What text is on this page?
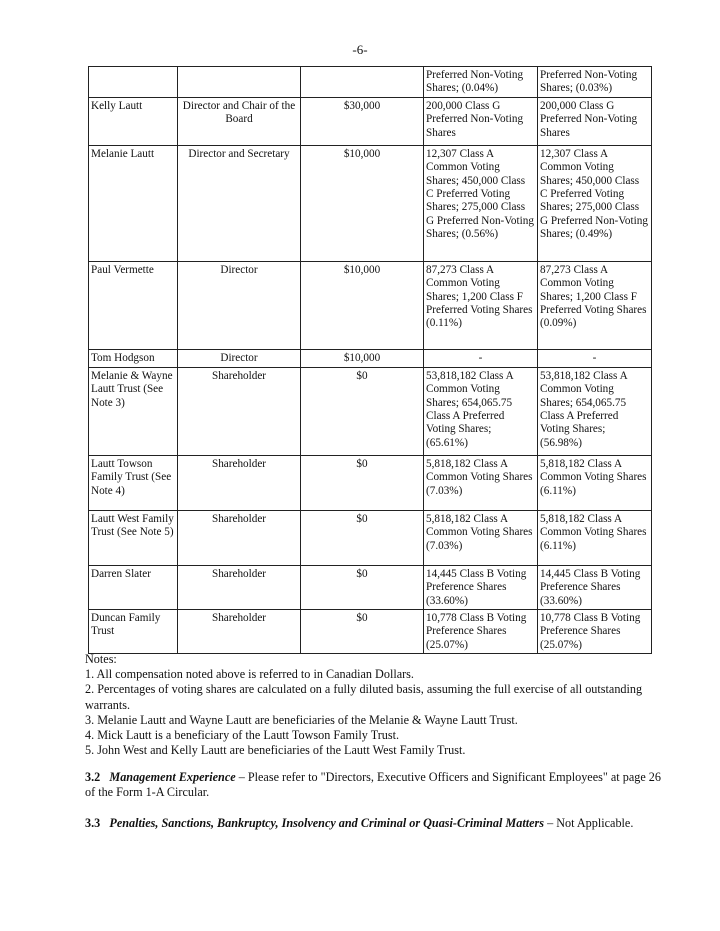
-6-
			Preferred Non-Voting Shares; (0.04%)	Preferred Non-Voting Shares; (0.03%)
Kelly Lautt	Director and Chair of the Board	$30,000	200,000 Class G Preferred Non-Voting Shares	200,000 Class G Preferred Non-Voting Shares
Melanie Lautt	Director and Secretary	$10,000	12,307 Class A Common Voting Shares; 450,000 Class C Preferred Voting Shares; 275,000 Class G Preferred Non-Voting Shares; (0.56%)	12,307 Class A Common Voting Shares; 450,000 Class C Preferred Voting Shares; 275,000 Class G Preferred Non-Voting Shares; (0.49%)
Paul Vermette	Director	$10,000	87,273 Class A Common Voting Shares; 1,200 Class F Preferred Voting Shares (0.11%)	87,273 Class A Common Voting Shares; 1,200 Class F Preferred Voting Shares (0.09%)
Tom Hodgson	Director	$10,000	-	-
Melanie & Wayne Lautt Trust (See Note 3)	Shareholder	$0	53,818,182 Class A Common Voting Shares; 654,065.75 Class A Preferred Voting Shares; (65.61%)	53,818,182 Class A Common Voting Shares; 654,065.75 Class A Preferred Voting Shares; (56.98%)
Lautt Towson Family Trust (See Note 4)	Shareholder	$0	5,818,182 Class A Common Voting Shares (7.03%)	5,818,182 Class A Common Voting Shares (6.11%)
Lautt West Family Trust (See Note 5)	Shareholder	$0	5,818,182 Class A Common Voting Shares (7.03%)	5,818,182 Class A Common Voting Shares (6.11%)
Darren Slater	Shareholder	$0	14,445 Class B Voting Preference Shares (33.60%)	14,445 Class B Voting Preference Shares (33.60%)
Duncan Family Trust	Shareholder	$0	10,778 Class B Voting Preference Shares (25.07%)	10,778 Class B Voting Preference Shares (25.07%)

Notes:

1. All compensation noted above is referred to in Canadian Dollars.
2. Percentages of voting shares are calculated on a fully diluted basis, assuming the full exercise of all outstanding warrants.
3. Melanie Lautt and Wayne Lautt are beneficiaries of the Melanie & Wayne Lautt Trust.
4. Mick Lautt is a beneficiary of the Lautt Towson Family Trust.
5. John West and Kelly Lautt are beneficiaries of the Lautt West Family Trust.

3.2 Management Experience – Please refer to "Directors, Executive Officers and Significant Employees" at page 26 of the Form 1-A Circular.

3.3 Penalties, Sanctions, Bankruptcy, Insolvency and Criminal or Quasi-Criminal Matters – Not Applicable.
